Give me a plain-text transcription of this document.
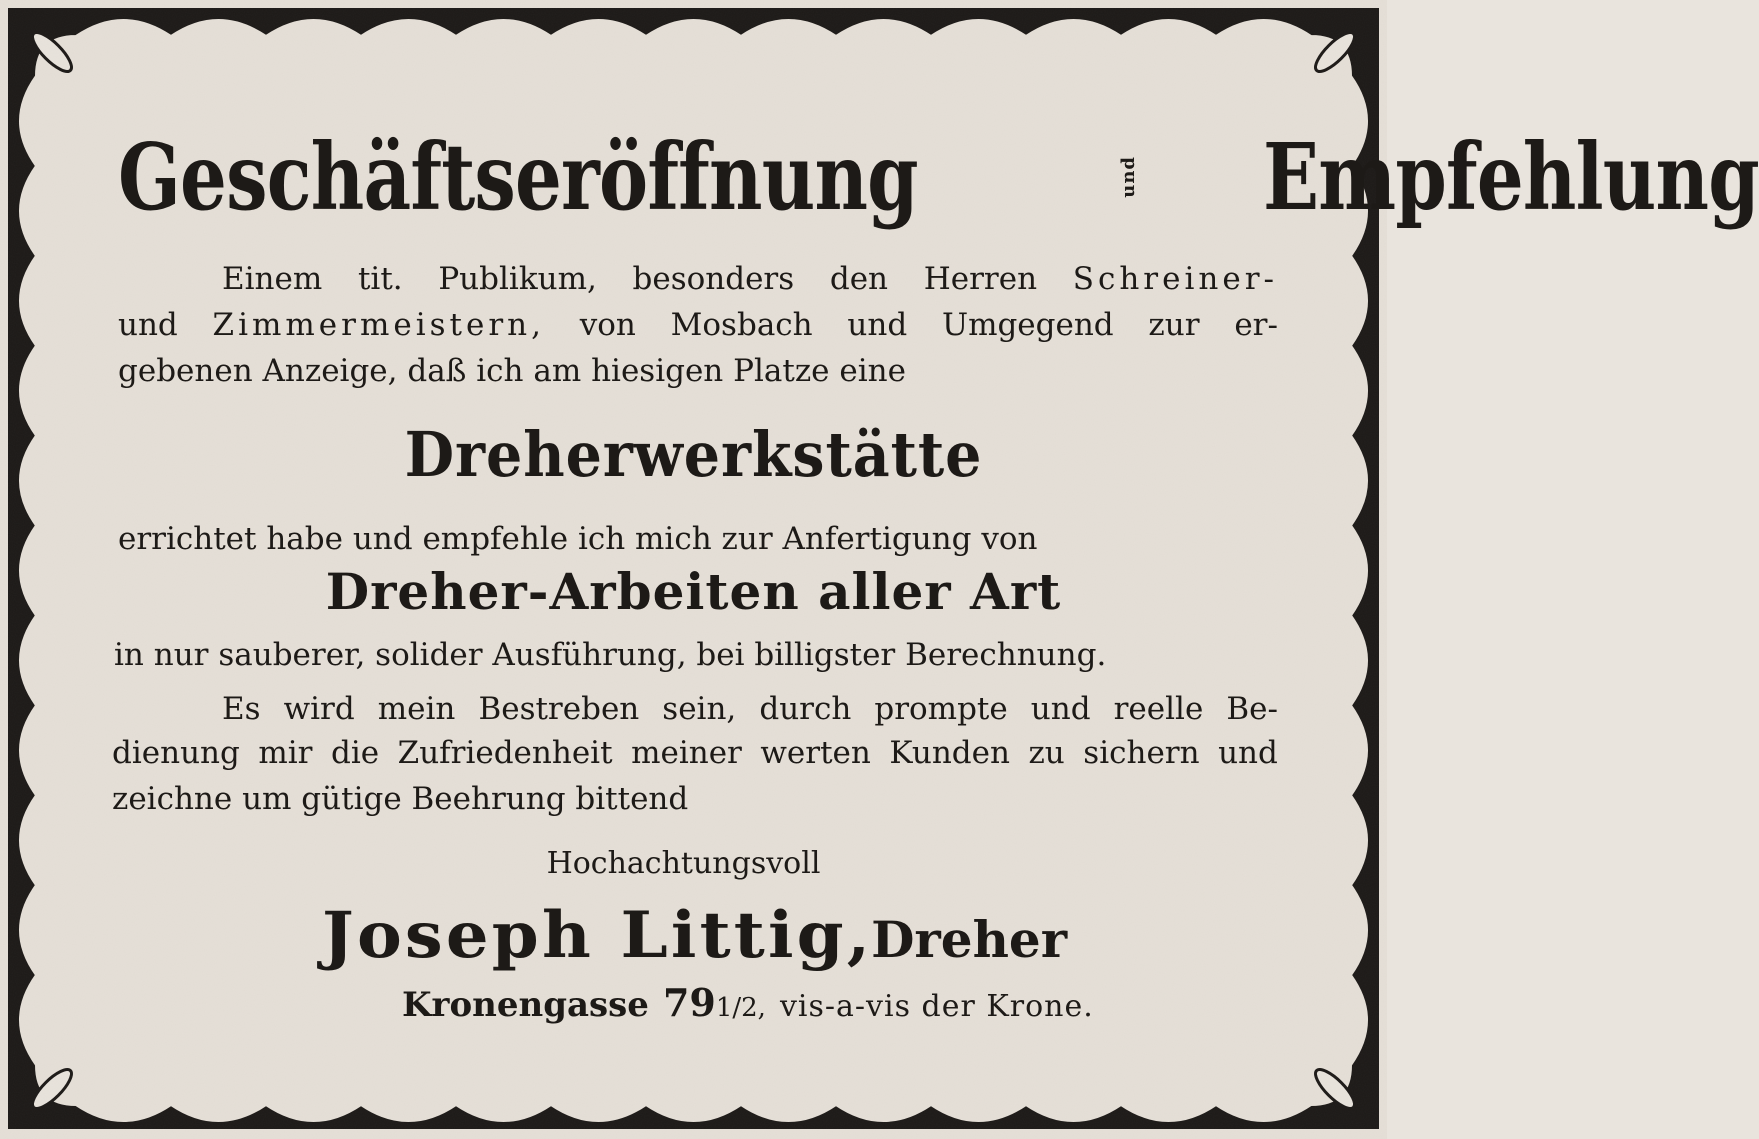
Geschäftseröffnung	und Empfehlung
Einem tit. Publikum, besonders den Herren Schreiner-
und Zimmermeistern, von Mosbach und Umgegend zur er-
gebenen Anzeige, daß ich am hiesigen Platze eine
Dreherwerkstätte
errichtet habe und empfehle ich mich zur Anfertigung von
Dreher-Arbeiten aller Art
in nur sauberer, solider Ausführung, bei billigster Berechnung.
Es wird mein Bestreben sein, durch prompte und reelle Be-
dienung mir die Zufriedenheit meiner werten Kunden zu sichern und
zeichne um gütige Beehrung bittend
Hochachtungsvoll
Joseph Littig,
Dreher
Kronengasse 791/2, vis-a-vis der Krone.
